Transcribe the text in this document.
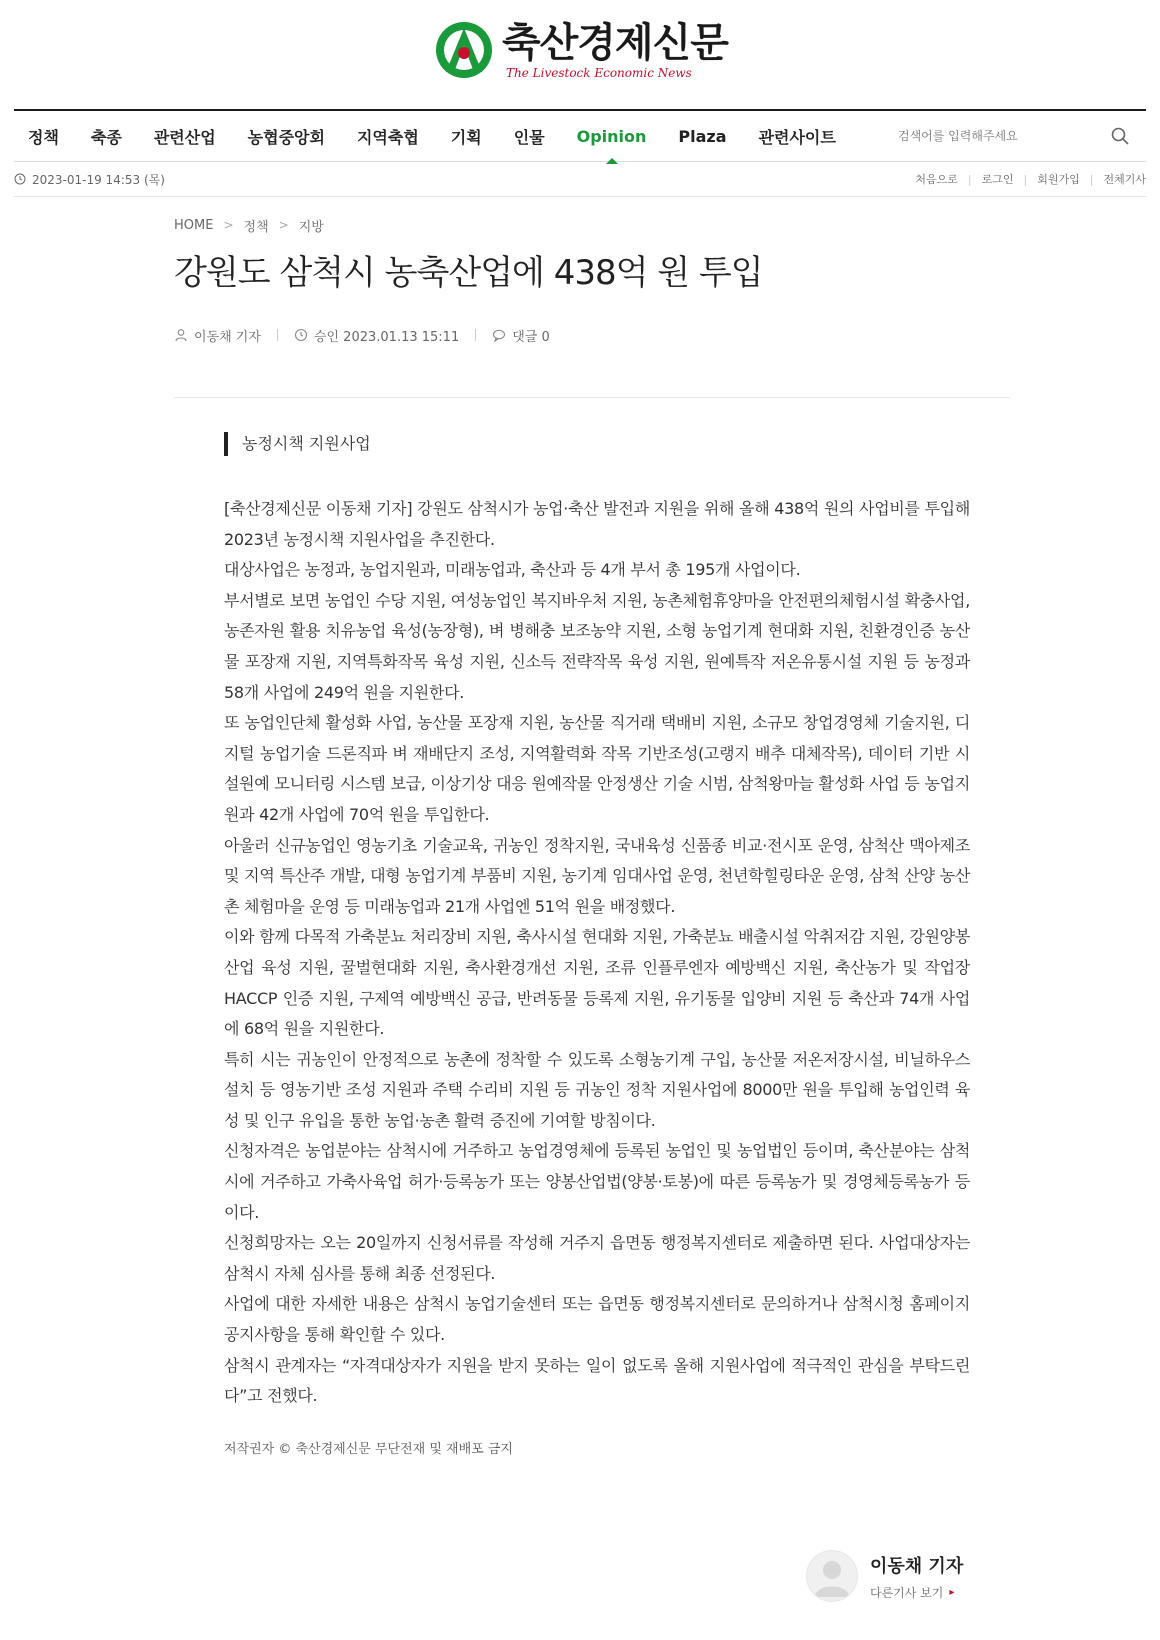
축산경제신문
The Livestock Economic News
정책 축종 관련산업 농협중앙회 지역축협 기획 인물 Opinion Plaza 관련사이트
검색어를 입력해주세요
2023-01-19 14:53 (목)	처음으로 | 로그인 | 회원가입 | 전체기사
HOME > 정책 > 지방
강원도 삼척시 농축산업에 438억 원 투입
이동채 기자	승인 2023.01.13 15:11	댓글 0
농정시책 지원사업

[축산경제신문 이동채 기자] 강원도 삼척시가 농업·축산 발전과 지원을 위해 올해 438억 원의 사업비를 투입해 2023년 농정시책 지원사업을 추진한다.

대상사업은 농정과, 농업지원과, 미래농업과, 축산과 등 4개 부서 총 195개 사업이다.

부서별로 보면 농업인 수당 지원, 여성농업인 복지바우처 지원, 농촌체험휴양마을 안전편의체험시설 확충사업, 농존자원 활용 치유농업 육성(농장형), 벼 병해충 보조농약 지원, 소형 농업기계 현대화 지원, 친환경인증 농산물 포장재 지원, 지역특화작목 육성 지원, 신소득 전략작목 육성 지원, 원예특작 저온유통시설 지원 등 농정과 58개 사업에 249억 원을 지원한다.

또 농업인단체 활성화 사업, 농산물 포장재 지원, 농산물 직거래 택배비 지원, 소규모 창업경영체 기술지원, 디지털 농업기술 드론직파 벼 재배단지 조성, 지역활력화 작목 기반조성(고랭지 배추 대체작목), 데이터 기반 시설원예 모니터링 시스템 보급, 이상기상 대응 원예작물 안정생산 기술 시범, 삼척왕마늘 활성화 사업 등 농업지원과 42개 사업에 70억 원을 투입한다.

아울러 신규농업인 영농기초 기술교육, 귀농인 정착지원, 국내육성 신품종 비교·전시포 운영, 삼척산 맥아제조 및 지역 특산주 개발, 대형 농업기계 부품비 지원, 농기계 임대사업 운영, 천년학힐링타운 운영, 삼척 산양 농산촌 체험마을 운영 등 미래농업과 21개 사업엔 51억 원을 배정했다.

이와 함께 다목적 가축분뇨 처리장비 지원, 축사시설 현대화 지원, 가축분뇨 배출시설 악취저감 지원, 강원양봉산업 육성 지원, 꿀벌현대화 지원, 축사환경개선 지원, 조류 인플루엔자 예방백신 지원, 축산농가 및 작업장 HACCP 인증 지원, 구제역 예방백신 공급, 반려동물 등록제 지원, 유기동물 입양비 지원 등 축산과 74개 사업에 68억 원을 지원한다.

특히 시는 귀농인이 안정적으로 농촌에 정착할 수 있도록 소형농기계 구입, 농산물 저온저장시설, 비닐하우스 설치 등 영농기반 조성 지원과 주택 수리비 지원 등 귀농인 정착 지원사업에 8000만 원을 투입해 농업인력 육성 및 인구 유입을 통한 농업·농촌 활력 증진에 기여할 방침이다.

신청자격은 농업분야는 삼척시에 거주하고 농업경영체에 등록된 농업인 및 농업법인 등이며, 축산분야는 삼척시에 거주하고 가축사육업 허가·등록농가 또는 양봉산업법(양봉·토봉)에 따른 등록농가 및 경영체등록농가 등이다.

신청희망자는 오는 20일까지 신청서류를 작성해 거주지 읍면동 행정복지센터로 제출하면 된다. 사업대상자는 삼척시 자체 심사를 통해 최종 선정된다.

사업에 대한 자세한 내용은 삼척시 농업기술센터 또는 읍면동 행정복지센터로 문의하거나 삼척시청 홈페이지 공지사항을 통해 확인할 수 있다.

삼척시 관계자는 “자격대상자가 지원을 받지 못하는 일이 없도록 올해 지원사업에 적극적인 관심을 부탁드린다”고 전했다.

저작권자 © 축산경제신문 무단전재 및 재배포 금지
이동채 기자
다른기사 보기 ▸
